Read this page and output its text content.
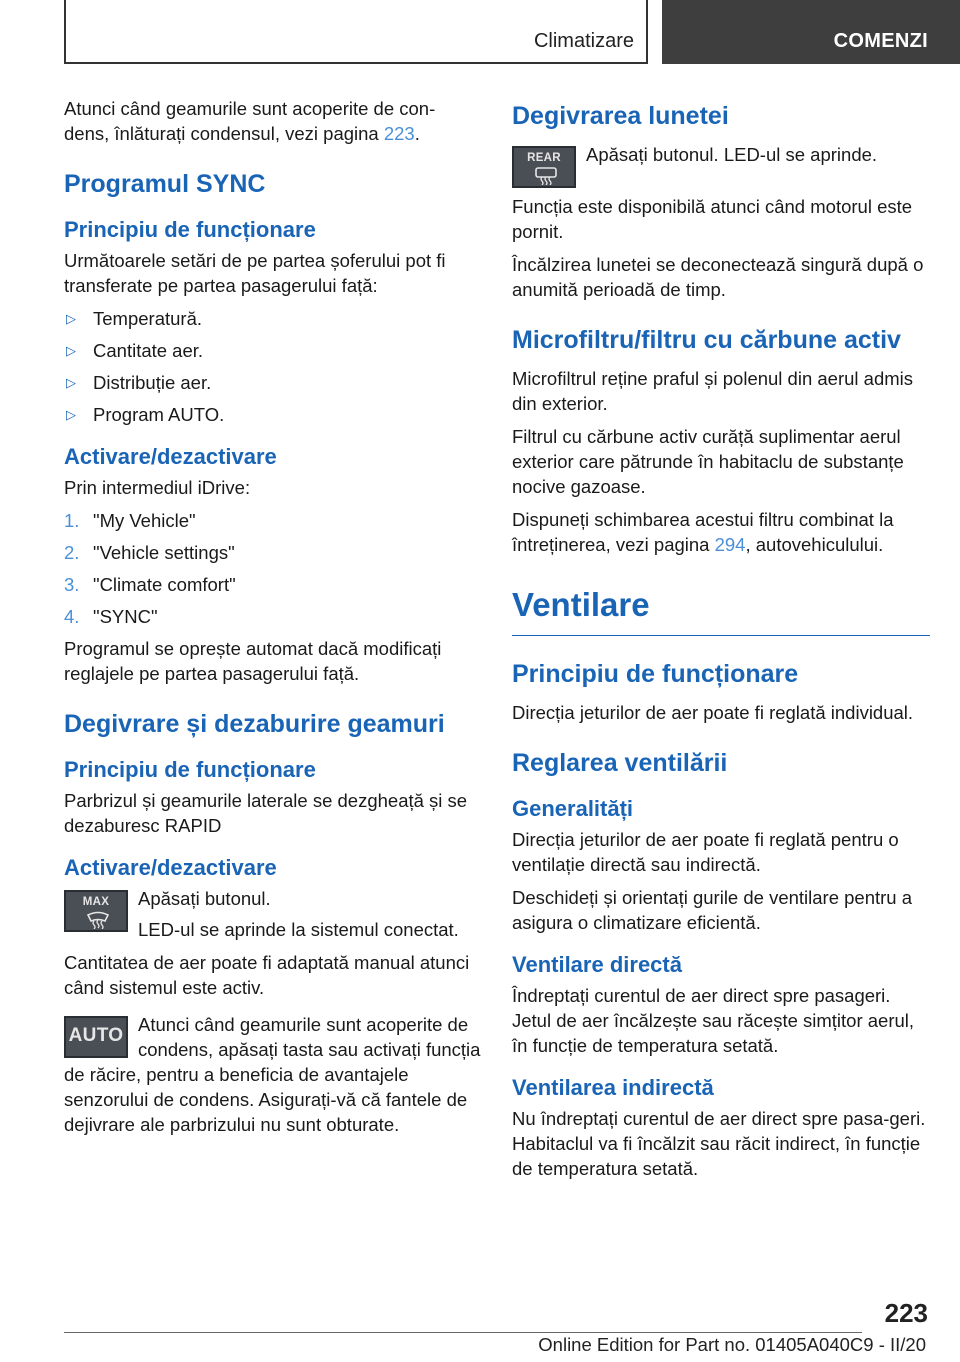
Climatizare	COMENZI

Atunci când geamurile sunt acoperite de con-
dens, înlăturați condensul, vezi pagina 223.

Programul SYNC
Principiu de funcționare

Următoarele setări de pe partea șoferului pot fi transferate pe partea pasagerului față:

▷ Temperatură.
▷ Cantitate aer.
▷ Distribuție aer.
▷ Program AUTO.
Activare/dezactivare

Prin intermediul iDrive:

1. "My Vehicle"
2. "Vehicle settings"
3. "Climate comfort"
4. "SYNC"

Programul se oprește automat dacă modificați reglajele pe partea pasagerului față.

Degivrare și dezaburire geamuri
Principiu de funcționare

Parbrizul și geamurile laterale se dezgheață și se dezaburesc RAPID

Activare/dezactivare
MAX	Apăsați butonul.

LED-ul se aprinde la sistemul conectat.

Cantitatea de aer poate fi adaptată manual atunci când sistemul este activ.

AUTO

Atunci când geamurile sunt acoperite de condens, apăsați tasta sau activați funcția de răcire, pentru a beneficia de avantajele senzorului de condens. Asigurați-vă că fantele de dejivrare ale parbrizului nu sunt obturate.

Degivrarea lunetei
REAR	Apăsați butonul. LED-ul se aprinde.

Funcția este disponibilă atunci când motorul este pornit.

Încălzirea lunetei se deconectează singură după o anumită perioadă de timp.

Microfiltru/filtru cu cărbune activ

Microfiltrul reține praful și polenul din aerul admis din exterior.

Filtrul cu cărbune activ curăță suplimentar aerul exterior care pătrunde în habitaclu de substanțe nocive gazoase.

Dispuneți schimbarea acestui filtru combinat la întreținerea, vezi pagina 294, autovehiculului.

Ventilare
Principiu de funcționare

Direcția jeturilor de aer poate fi reglată individual.

Reglarea ventilării
Generalități

Direcția jeturilor de aer poate fi reglată pentru o ventilație directă sau indirectă.

Deschideți și orientați gurile de ventilare pentru a asigura o climatizare eficientă.

Ventilare directă

Îndreptați curentul de aer direct spre pasageri. Jetul de aer încălzește sau răcește simțitor aerul, în funcție de temperatura setată.

Ventilarea indirectă

Nu îndreptați curentul de aer direct spre pasa-geri. Habitaclul va fi încălzit sau răcit indirect, în funcție de temperatura setată.

223
Online Edition for Part no. 01405A040C9 - II/20
